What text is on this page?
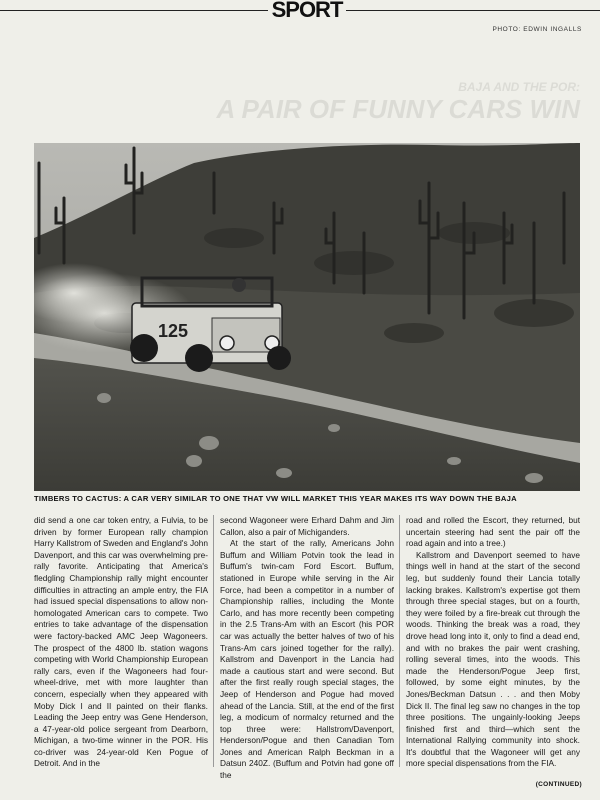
SPORT
PHOTO: EDWIN INGALLS
BAJA AND THE POR:
A PAIR OF FUNNY CARS WIN
125
TIMBERS TO CACTUS: A CAR VERY SIMILAR TO ONE THAT VW WILL MARKET THIS YEAR MAKES ITS WAY DOWN THE BAJA

did send a one car token entry, a Fulvia, to be driven by former European rally champion Harry Kallstrom of Sweden and England's John Davenport, and this car was overwhelming pre-rally favorite. Anticipating that America's fledgling Championship rally might encounter difficulties in attracting an ample entry, the FIA had issued special dispensations to allow non-homologated American cars to compete. Two entries to take advantage of the dispensation were factory-backed AMC Jeep Wagoneers. The prospect of the 4800 lb. station wagons competing with World Championship European rally cars, even if the Wagoneers had four-wheel-drive, met with more laughter than concern, especially when they appeared with Moby Dick I and II painted on their flanks. Leading the Jeep entry was Gene Henderson, a 47-year-old police sergeant from Dearborn, Michigan, a two-time winner in the POR. His co-driver was 24-year-old Ken Pogue of Detroit. And in the

second Wagoneer were Erhard Dahm and Jim Callon, also a pair of Michiganders.

At the start of the rally, Americans John Buffum and William Potvin took the lead in Buffum's twin-cam Ford Escort. Buffum, stationed in Europe while serving in the Air Force, had been a competitor in a number of Championship rallies, including the Monte Carlo, and has more recently been competing in the 2.5 Trans-Am with an Escort (his POR car was actually the better halves of two of his Trans-Am cars joined together for the rally). Kallstrom and Davenport in the Lancia had made a cautious start and were second. But after the first really rough special stages, the Jeep of Henderson and Pogue had moved ahead of the Lancia. Still, at the end of the first leg, a modicum of normalcy returned and the top three were: Hallstrom/Davenport, Henderson/Pogue and then Canadian Tom Jones and American Ralph Beckman in a Datsun 240Z. (Buffum and Potvin had gone off the

road and rolled the Escort, they returned, but uncertain steering had sent the pair off the road again and into a tree.)

Kallstrom and Davenport seemed to have things well in hand at the start of the second leg, but suddenly found their Lancia totally lacking brakes. Kallstrom's expertise got them through three special stages, but on a fourth, they were foiled by a fire-break cut through the woods. Thinking the break was a road, they drove head long into it, only to find a dead end, and with no brakes the pair went crashing, rolling several times, into the woods. This made the Henderson/Pogue Jeep first, followed, by some eight minutes, by the Jones/Beckman Datsun . . . and then Moby Dick II. The final leg saw no changes in the top three positions. The ungainly-looking Jeeps finished first and third—which sent the International Rallying community into shock. It's doubtful that the Wagoneer will get any more special dispensations from the FIA.

(CONTINUED)
